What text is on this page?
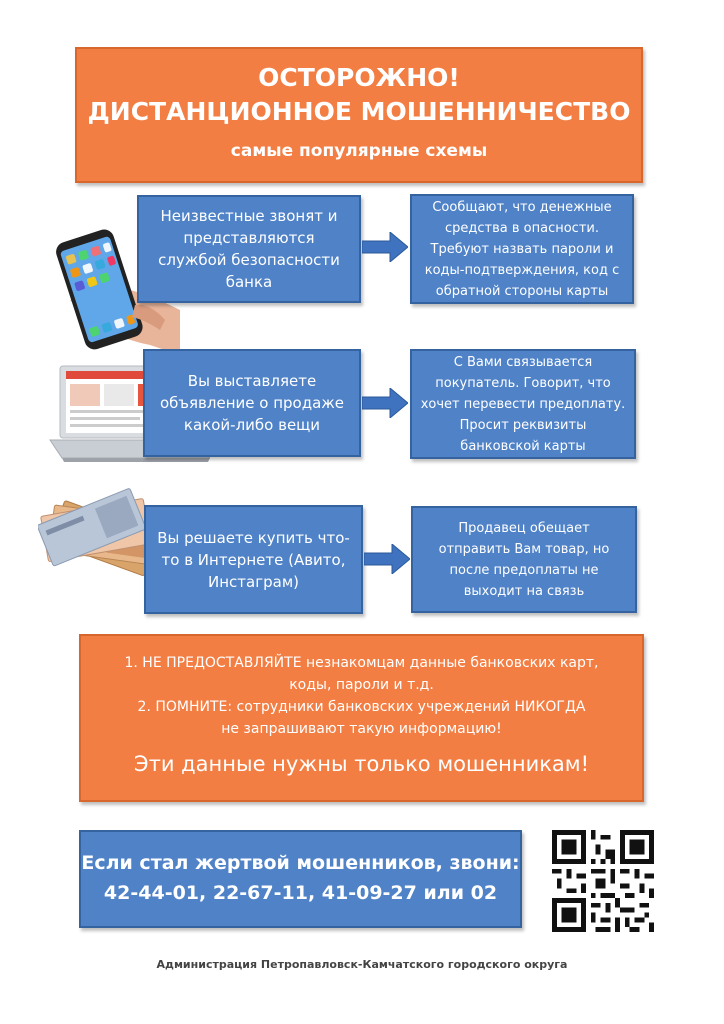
ОСТОРОЖНО!
ДИСТАНЦИОННОЕ МОШЕННИЧЕСТВО
самые популярные схемы
Неизвестные звонят и представляются службой безопасности банка
Сообщают, что денежные средства в опасности. Требуют назвать пароли и коды-подтверждения, код с обратной стороны карты
Вы выставляете объявление о продаже какой-либо вещи
С Вами связывается покупатель. Говорит, что хочет перевести предоплату. Просит реквизиты банковской карты
Вы решаете купить что-то в Интернете (Авито, Инстаграм)
Продавец обещает отправить Вам товар, но после предоплаты не выходит на связь
1. НЕ ПРЕДОСТАВЛЯЙТЕ незнакомцам данные банковских карт,
коды, пароли и т.д.
2. ПОМНИТЕ: сотрудники банковских учреждений НИКОГДА
не запрашивают такую информацию!
Эти данные нужны только мошенникам!
Если стал жертвой мошенников, звони:
42-44-01, 22-67-11, 41-09-27 или 02
Администрация Петропавловск-Камчатского городского округа
